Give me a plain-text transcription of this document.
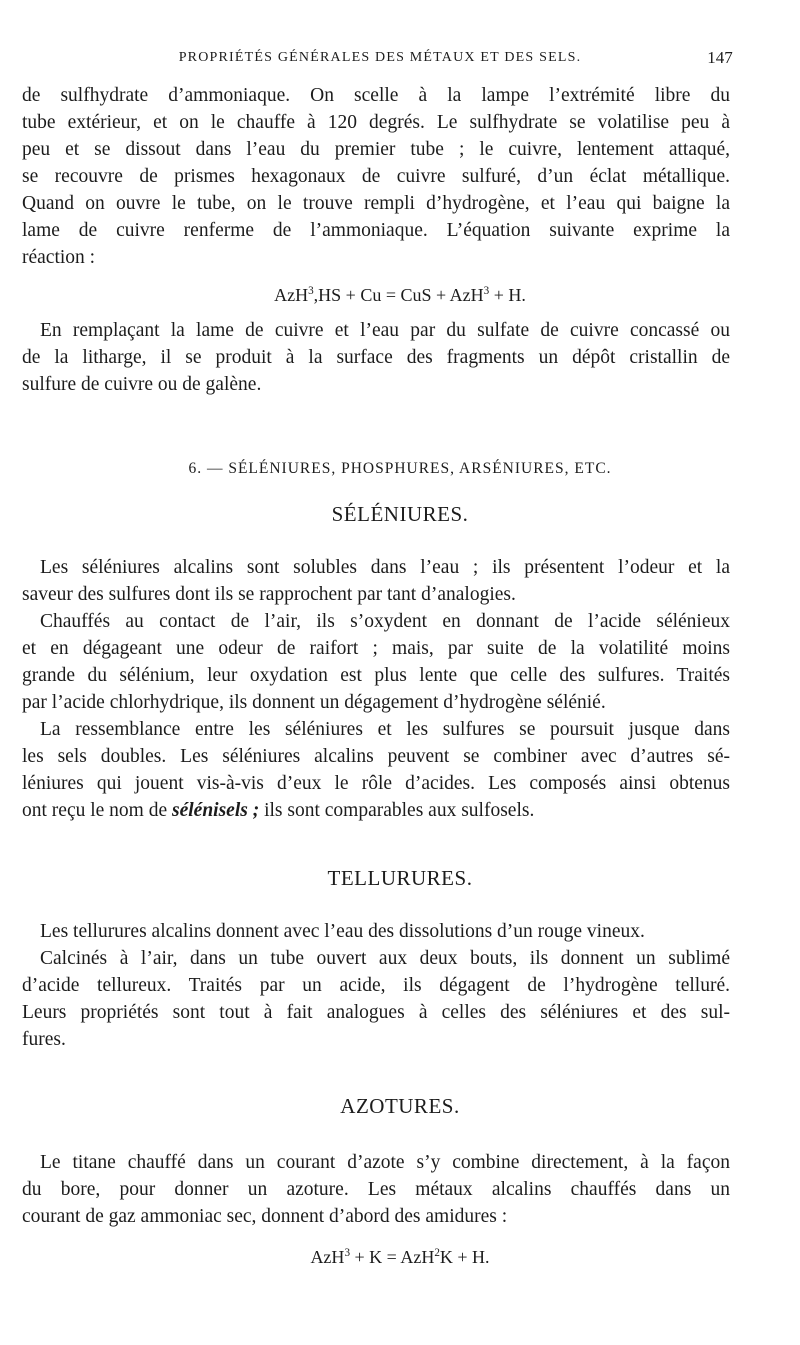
PROPRIÉTÉS GÉNÉRALES DES MÉTAUX ET DES SELS.	147

de sulfhydrate d’ammoniaque. On scelle à la lampe l’extrémité libre du
tube extérieur, et on le chauffe à 120 degrés. Le sulfhydrate se volatilise peu à
peu et se dissout dans l’eau du premier tube ; le cuivre, lentement attaqué,
se recouvre de prismes hexagonaux de cuivre sulfuré, d’un éclat métallique.
Quand on ouvre le tube, on le trouve rempli d’hydrogène, et l’eau qui baigne la
lame de cuivre renferme de l’ammoniaque. L’équation suivante exprime la
réaction :

AzH$^3$,HS + Cu = CuS + AzH$^3$ + H.

En remplaçant la lame de cuivre et l’eau par du sulfate de cuivre concassé ou
de la litharge, il se produit à la surface des fragments un dépôt cristallin de
sulfure de cuivre ou de galène.

6. — SÉLÉNIURES, PHOSPHURES, ARSÉNIURES, ETC.
SÉLÉNIURES.

Les séléniures alcalins sont solubles dans l’eau ; ils présentent l’odeur et la
saveur des sulfures dont ils se rapprochent par tant d’analogies.

Chauffés au contact de l’air, ils s’oxydent en donnant de l’acide sélénieux
et en dégageant une odeur de raifort ; mais, par suite de la volatilité moins
grande du sélénium, leur oxydation est plus lente que celle des sulfures. Traités
par l’acide chlorhydrique, ils donnent un dégagement d’hydrogène sélénié.

La ressemblance entre les séléniures et les sulfures se poursuit jusque dans
les sels doubles. Les séléniures alcalins peuvent se combiner avec d’autres sé-
léniures qui jouent vis-à-vis d’eux le rôle d’acides. Les composés ainsi obtenus
ont reçu le nom de sélénisels ; ils sont comparables aux sulfosels.

TELLURURES.

Les tellurures alcalins donnent avec l’eau des dissolutions d’un rouge vineux.

Calcinés à l’air, dans un tube ouvert aux deux bouts, ils donnent un sublimé
d’acide tellureux. Traités par un acide, ils dégagent de l’hydrogène telluré.
Leurs propriétés sont tout à fait analogues à celles des séléniures et des sul-
fures.

AZOTURES.

Le titane chauffé dans un courant d’azote s’y combine directement, à la façon
du bore, pour donner un azoture. Les métaux alcalins chauffés dans un
courant de gaz ammoniac sec, donnent d’abord des amidures :

AzH$^3$ + K = AzH$^2$K + H.
